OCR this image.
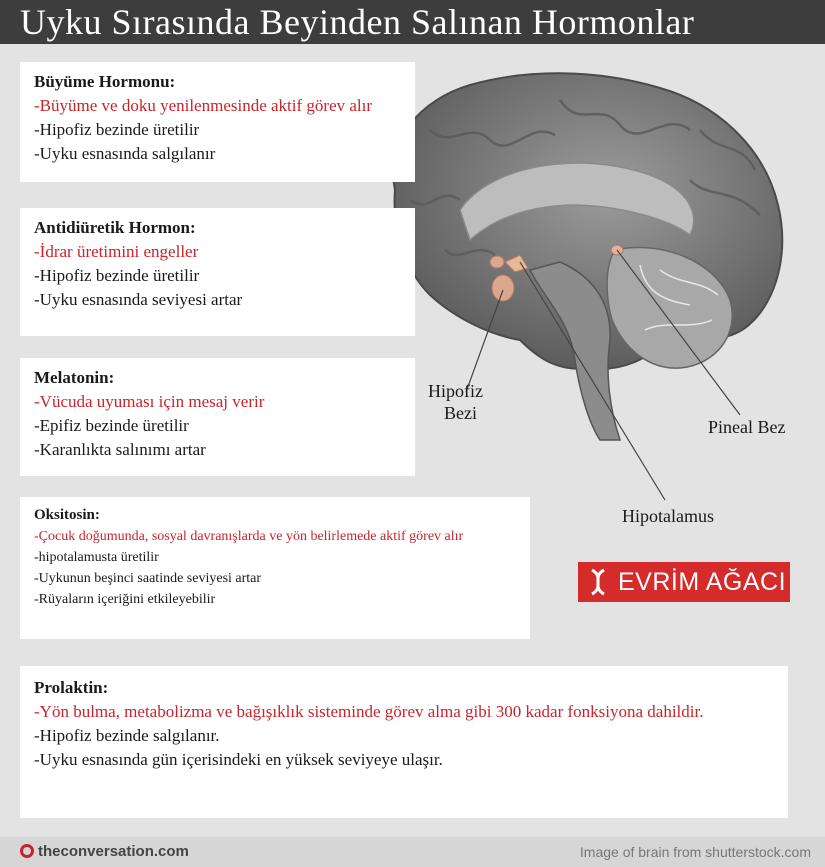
Uyku Sırasında Beyinden Salınan Hormonlar
Büyüme Hormonu:
-Büyüme ve doku yenilenmesinde aktif görev alır
-Hipofiz bezinde üretilir
-Uyku esnasında salgılanır
Antidiüretik Hormon:
-İdrar üretimini engeller
-Hipofiz bezinde üretilir
-Uyku esnasında seviyesi artar
Melatonin:
-Vücuda uyuması için mesaj verir
-Epifiz bezinde üretilir
-Karanlıkta salınımı artar
Oksitosin:
-Çocuk doğumunda, sosyal davranışlarda ve yön belirlemede aktif görev alır
-hipotalamusta üretilir
-Uykunun beşinci saatinde seviyesi artar
-Rüyaların içeriğini etkileyebilir
Prolaktin:
-Yön bulma, metabolizma ve bağışıklık sisteminde görev alma gibi 300 kadar fonksiyona dahildir.
-Hipofiz bezinde salgılanır.
-Uyku esnasında gün içerisindeki en yüksek seviyeye ulaşır.
Hipofiz
Bezi
Pineal Bez
Hipotalamus
EVRİM AĞACI
theconversation.com	Image of brain from shutterstock.com
